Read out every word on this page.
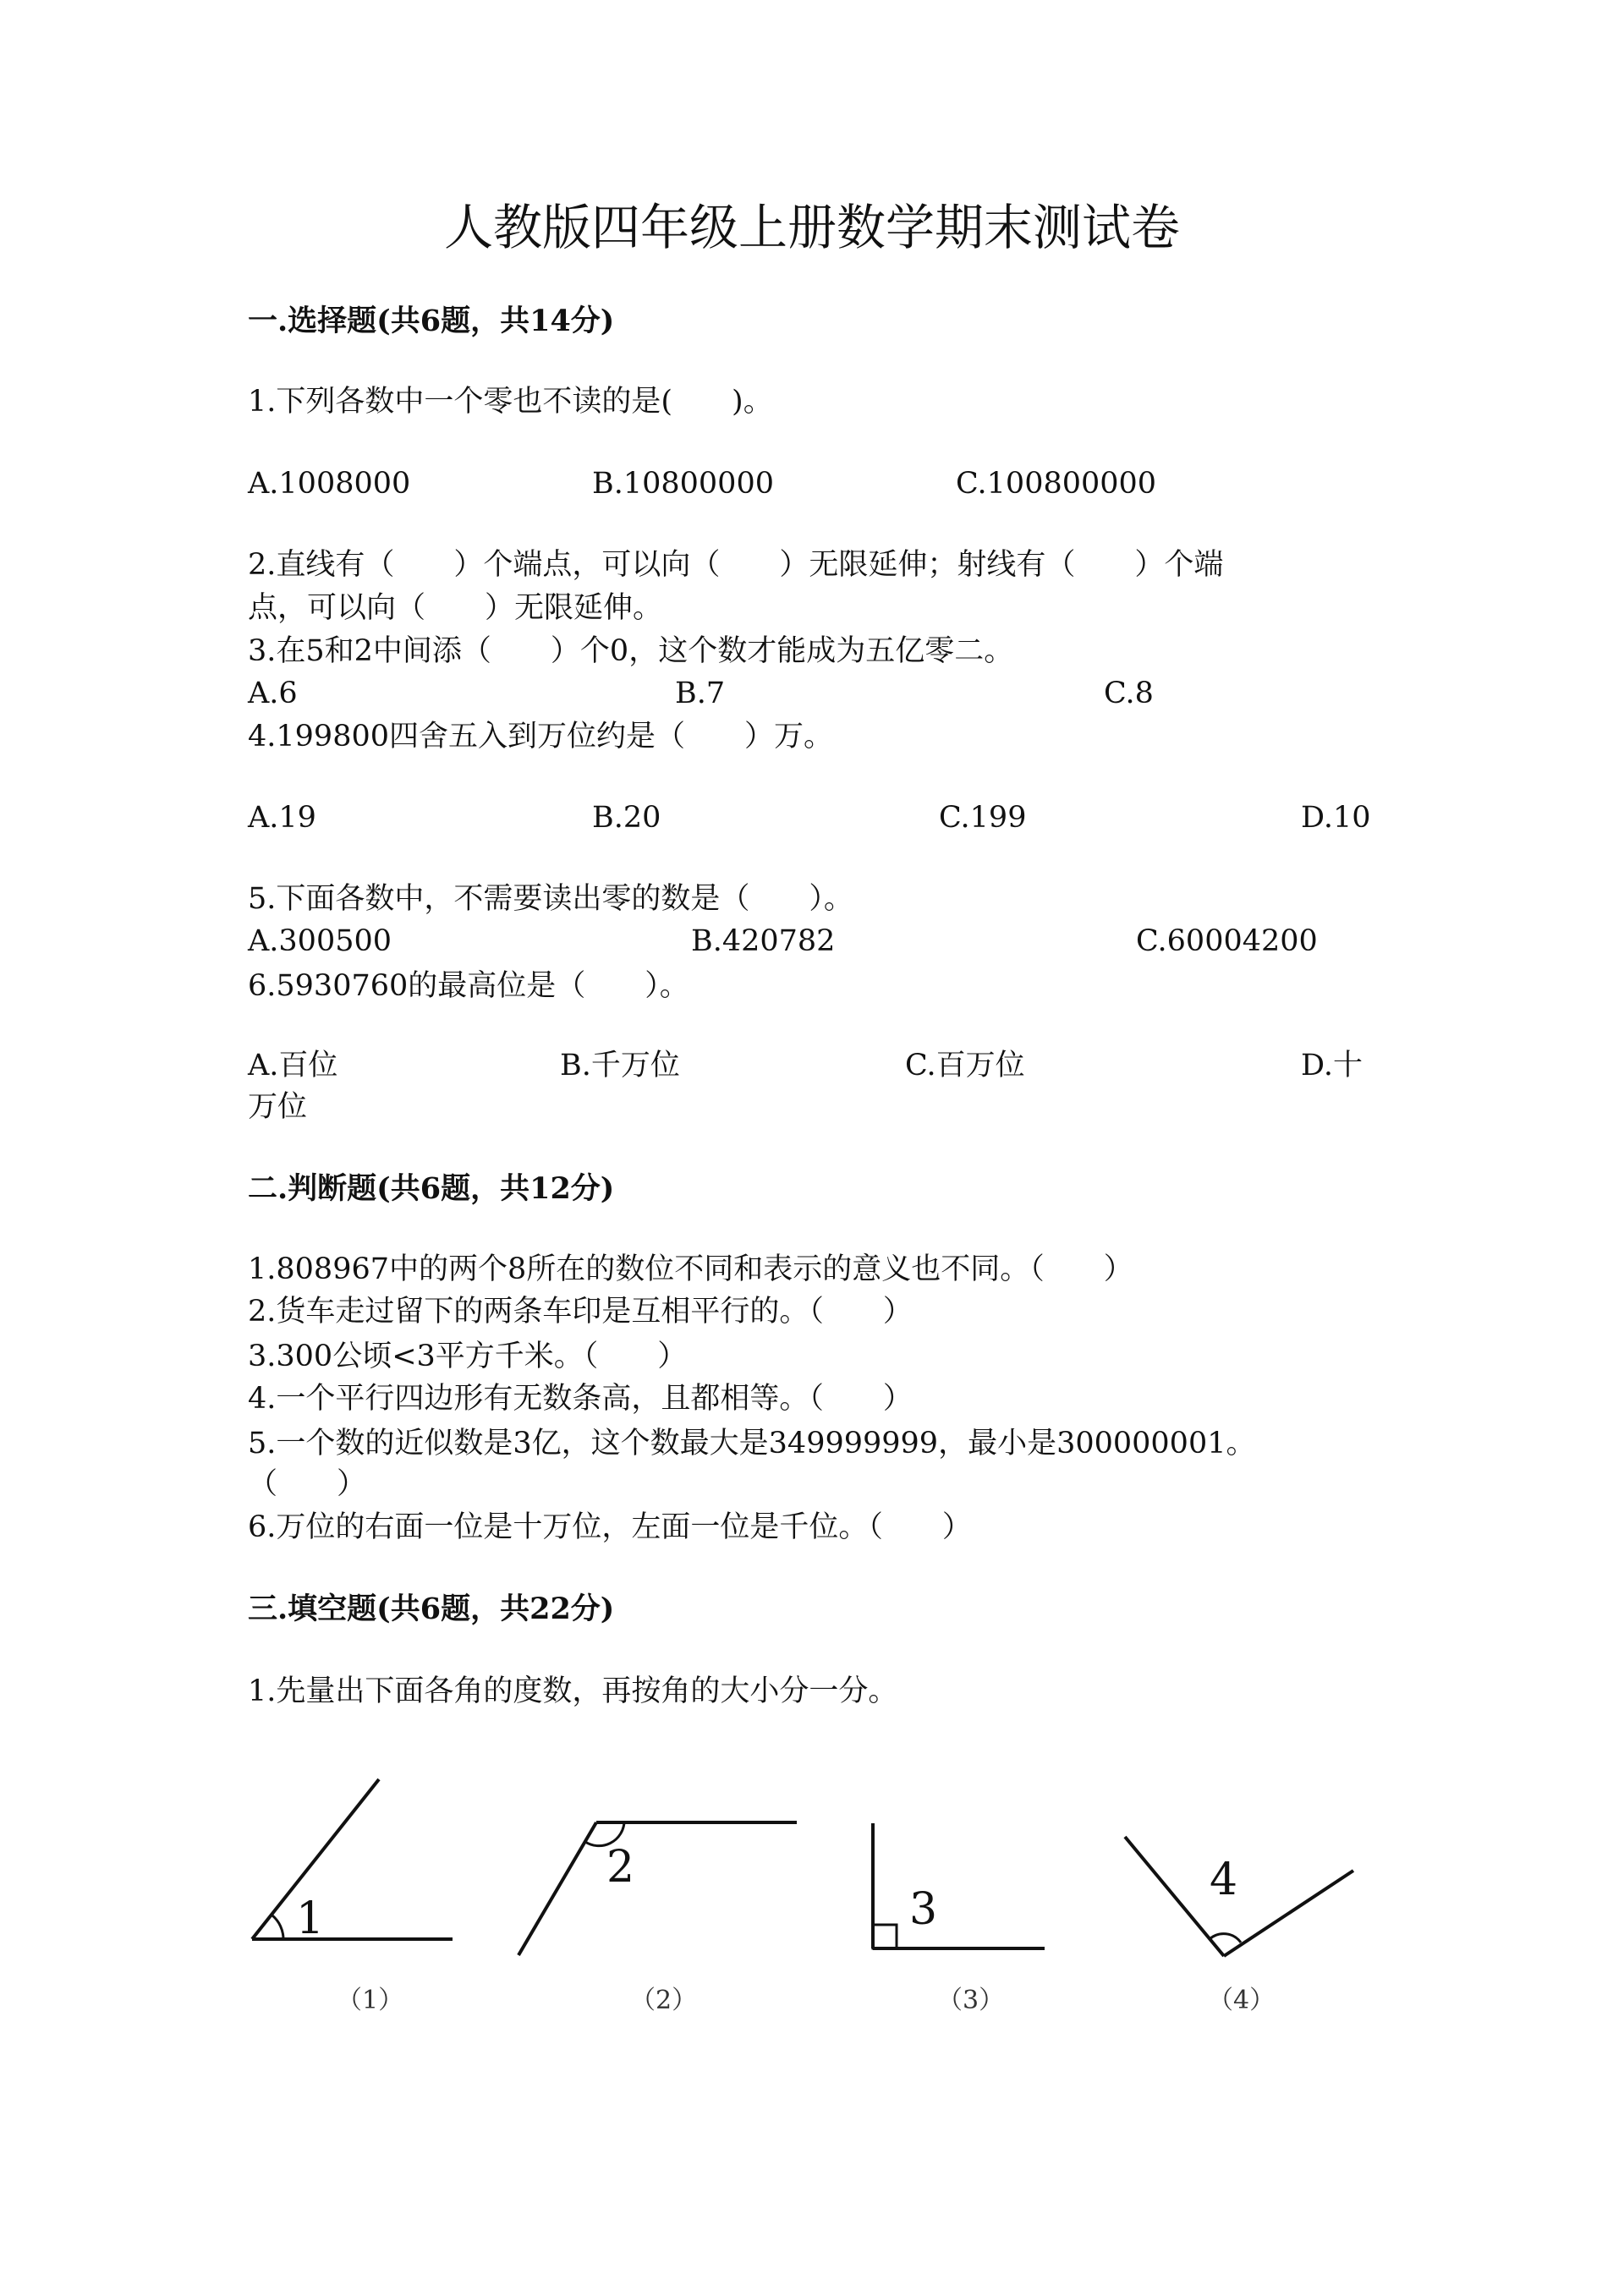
人教版四年级上册数学期末测试卷
一.选择题(共6题，共14分)
1.下列各数中一个零也不读的是(　　)。
A.1008000	B.10800000	C.100800000
2.直线有（　　）个端点，可以向（　　）无限延伸；射线有（　　）个端
点，可以向（　　）无限延伸。
3.在5和2中间添（　　）个0，这个数才能成为五亿零二。
A.6	B.7	C.8
4.199800四舍五入到万位约是（　　）万。
A.19	B.20	C.199	D.10
5.下面各数中，不需要读出零的数是（　　）。
A.300500	B.420782	C.60004200
6.5930760的最高位是（　　）。
A.百位	B.千万位	C.百万位	D.十
万位
二.判断题(共6题，共12分)
1.808967中的两个8所在的数位不同和表示的意义也不同。（　　）
2.货车走过留下的两条车印是互相平行的。（　　）
3.300公顷<3平方千米。（　　）
4.一个平行四边形有无数条高，且都相等。（　　）
5.一个数的近似数是3亿，这个数最大是349999999，最小是300000001。
（　　）
6.万位的右面一位是十万位，左面一位是千位。（　　）
三.填空题(共6题，共22分)
1.先量出下面各角的度数，再按角的大小分一分。
1
2
3
4
（1）	（2）	（3）	（4）
